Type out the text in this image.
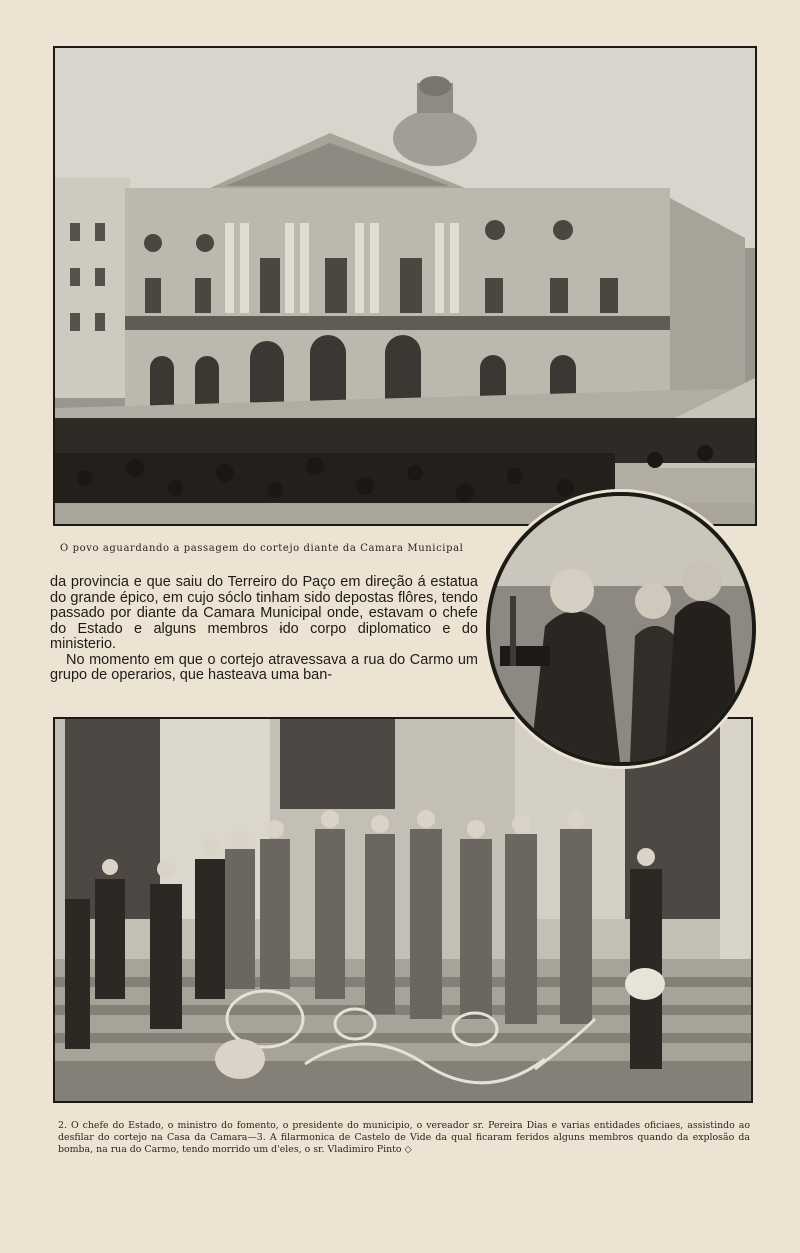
O povo aguardando a passagem do cortejo diante da Camara Municipal

da provincia e que saiu do Terreiro do Paço em direção á estatua do grande épico, em cujo sóclo tinham sido depostas flôres, tendo passado por diante da Camara Municipal onde, estavam o chefe do Estado e alguns membros ɨdo corpo diplomatico e do ministerio.

No momento em que o cortejo atravessava a rua do Carmo um grupo de operarios, que hasteava uma ban-

2. O chefe do Estado, o ministro do fomento, o presidente do municipio, o vereador sr. Pereira Dias e varias entidades oficiaes, assistindo ao desfilar do cortejo na Casa da Camara—3. A filarmonica de Castelo de Vide da qual ficaram feridos alguns membros quando da explosão da bomba, na rua do Carmo, tendo morrido um d'eles, o sr. Vladimiro Pinto ◇
